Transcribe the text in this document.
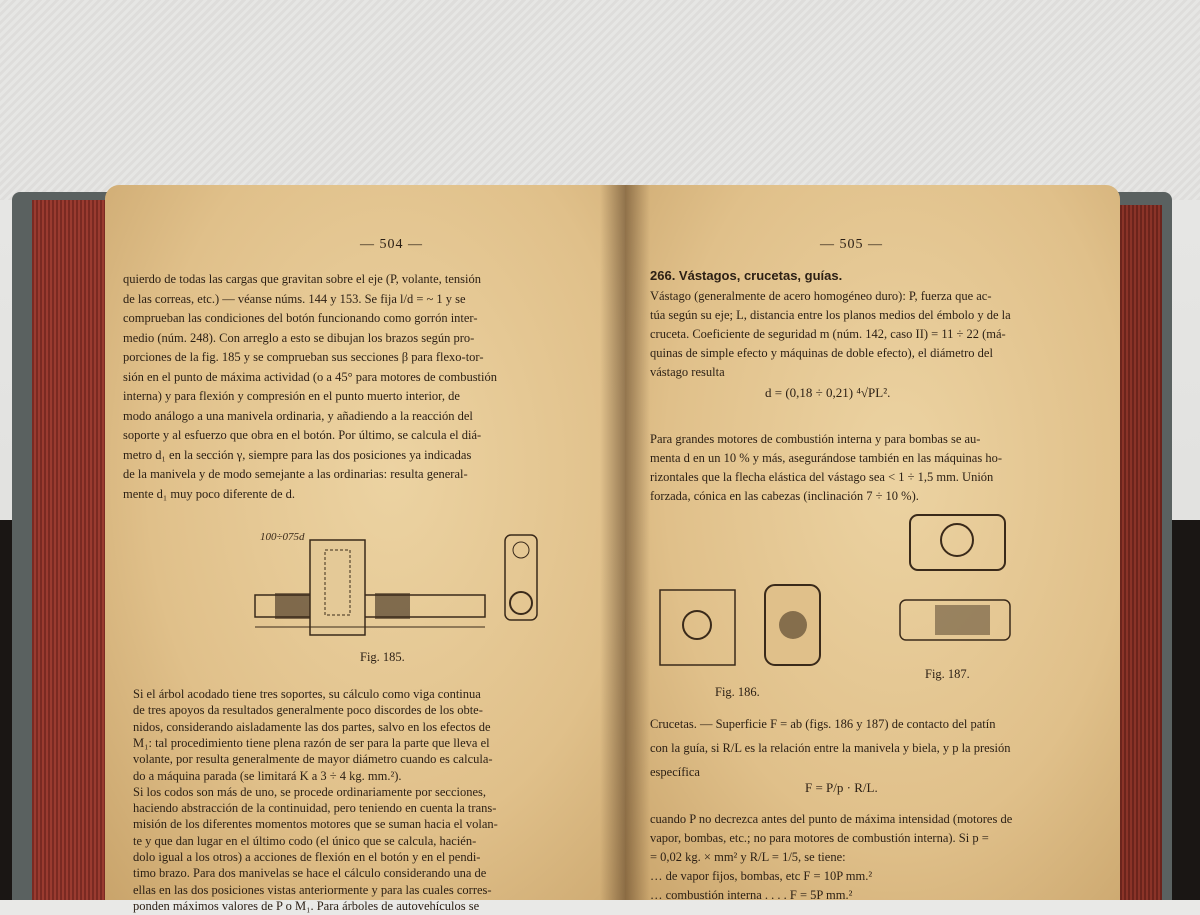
— 504 —
quierdo de todas las cargas que gravitan sobre el eje (P, volante, tensión
de las correas, etc.) — véanse núms. 144 y 153. Se fija l/d = ~ 1 y se
comprueban las condiciones del botón funcionando como gorrón inter-
medio (núm. 248). Con arreglo a esto se dibujan los brazos según pro-
porciones de la fig. 185 y se comprueban sus secciones β para flexo-tor-
sión en el punto de máxima actividad (o a 45° para motores de combustión
interna) y para flexión y compresión en el punto muerto interior, de
modo análogo a una manivela ordinaria, y añadiendo a la reacción del
soporte y al esfuerzo que obra en el botón. Por último, se calcula el diá-
metro d₁ en la sección γ, siempre para las dos posiciones ya indicadas
de la manivela y de modo semejante a las ordinarias: resulta general-
mente d₁ muy poco diferente de d.
100÷075d
Fig. 185.
Si el árbol acodado tiene tres soportes, su cálculo como viga continua
de tres apoyos da resultados generalmente poco discordes de los obte-
nidos, considerando aisladamente las dos partes, salvo en los efectos de
M₁: tal procedimiento tiene plena razón de ser para la parte que lleva el
volante, por resulta generalmente de mayor diámetro cuando es calcula-
do a máquina parada (se limitará K a 3 ÷ 4 kg. mm.²).
Si los codos son más de uno, se procede ordinariamente por secciones,
haciendo abstracción de la continuidad, pero teniendo en cuenta la trans-
misión de los diferentes momentos motores que se suman hacia el volan-
te y que dan lugar en el último codo (el único que se calcula, hacién-
dolo igual a los otros) a acciones de flexión en el botón y en el pendi-
timo brazo. Para dos manivelas se hace el cálculo considerando una de
ellas en las dos posiciones vistas anteriormente y para las cuales corres-
ponden máximos valores de P o M₁. Para árboles de autovehículos se
— 505 —
266. Vástagos, crucetas, guías.
Vástago (generalmente de acero homogéneo duro): P, fuerza que ac-
túa según su eje; L, distancia entre los planos medios del émbolo y de la
cruceta. Coeficiente de seguridad m (núm. 142, caso II) = 11 ÷ 22 (má-
quinas de simple efecto y máquinas de doble efecto), el diámetro del
vástago resulta
d = (0,18 ÷ 0,21) ⁴√PL².
Para grandes motores de combustión interna y para bombas se au-
menta d en un 10 % y más, asegurándose también en las máquinas ho-
rizontales que la flecha elástica del vástago sea < 1 ÷ 1,5 mm. Unión
forzada, cónica en las cabezas (inclinación 7 ÷ 10 %).
Fig. 186.
Fig. 187.
Crucetas. — Superficie F = ab (figs. 186 y 187) de contacto del patín
con la guía, si R/L es la relación entre la manivela y biela, y p la presión
específica
F = P/p · R/L.
cuando P no decrezca antes del punto de máxima intensidad (motores de
vapor, bombas, etc.; no para motores de combustión interna). Si p =
= 0,02 kg. × mm² y R/L = 1/5, se tiene:
… de vapor fijos, bombas, etc F = 10P mm.²
… combustión interna . . . . F = 5P mm.²
